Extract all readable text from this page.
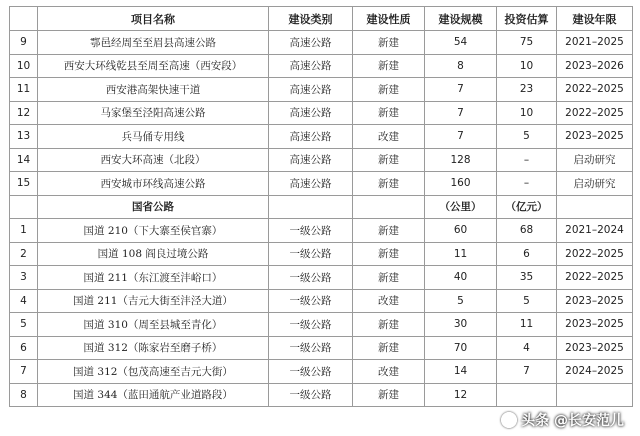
	项目名称	建设类别	建设性质	建设规模	投资估算	建设年限
9	鄠邑经周至至眉县高速公路	高速公路	新建	54	75	2021–2025
10	西安大环线乾县至周至高速（西安段）	高速公路	新建	8	10	2023–2026
11	西安港高架快速干道	高速公路	新建	7	23	2022–2025
12	马家堡至泾阳高速公路	高速公路	新建	7	10	2022–2025
13	兵马俑专用线	高速公路	改建	7	5	2023–2025
14	西安大环高速（北段）	高速公路	新建	128	–	启动研究
15	西安城市环线高速公路	高速公路	新建	160	–	启动研究
	国省公路			（公里）	（亿元）	
1	国道 210（下大寨至侯官寨）	一级公路	新建	60	68	2021–2024
2	国道 108 阎良过境公路	一级公路	新建	11	6	2022–2025
3	国道 211（东江渡至沣峪口）	一级公路	新建	40	35	2022–2025
4	国道 211（吉元大街至沣泾大道）	一级公路	改建	5	5	2023–2025
5	国道 310（周至县城至青化）	一级公路	新建	30	11	2023–2025
6	国道 312（陈家岩至磨子桥）	一级公路	新建	70	4	2023–2025
7	国道 312（包茂高速至吉元大街）	一级公路	改建	14	7	2024–2025
8	国道 344（蓝田通航产业道路段）	一级公路	新建	12		
头条 @长安范儿
